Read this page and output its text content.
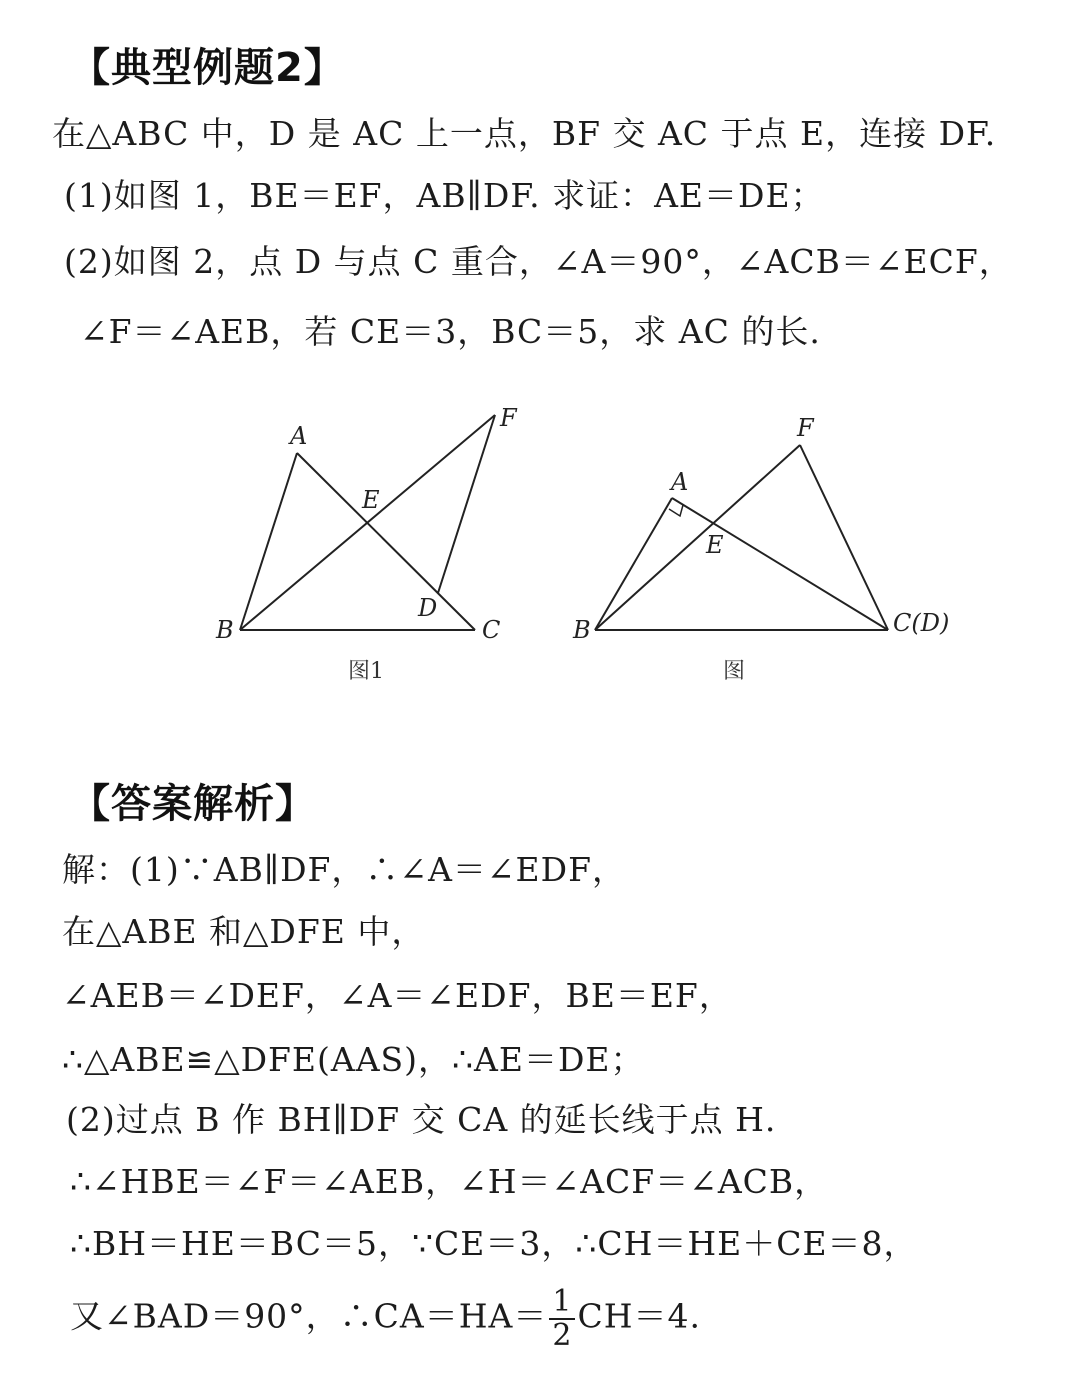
【典型例题2】
在△ABC 中，D 是 AC 上一点，BF 交 AC 于点 E，连接 DF.
(1)如图 1，BE＝EF，AB∥DF. 求证：AE＝DE；
(2)如图 2，点 D 与点 C 重合，∠A＝90°，∠ACB＝∠ECF，
∠F＝∠AEB，若 CE＝3，BC＝5，求 AC 的长.
A
B	C
D
E
F
图1
A
B	C(D)
E
F
图
【答案解析】
解：(1)∵AB∥DF，∴∠A＝∠EDF，
在△ABE 和△DFE 中，
∠AEB＝∠DEF，∠A＝∠EDF，BE＝EF，
∴△ABE≌△DFE(AAS)，∴AE＝DE；
(2)过点 B 作 BH∥DF 交 CA 的延长线于点 H.
∴∠HBE＝∠F＝∠AEB，∠H＝∠ACF＝∠ACB，
∴BH＝HE＝BC＝5，∵CE＝3，∴CH＝HE＋CE＝8，
又∠BAD＝90°，∴CA＝HA＝ $\frac{1}{2} CH=4$.
